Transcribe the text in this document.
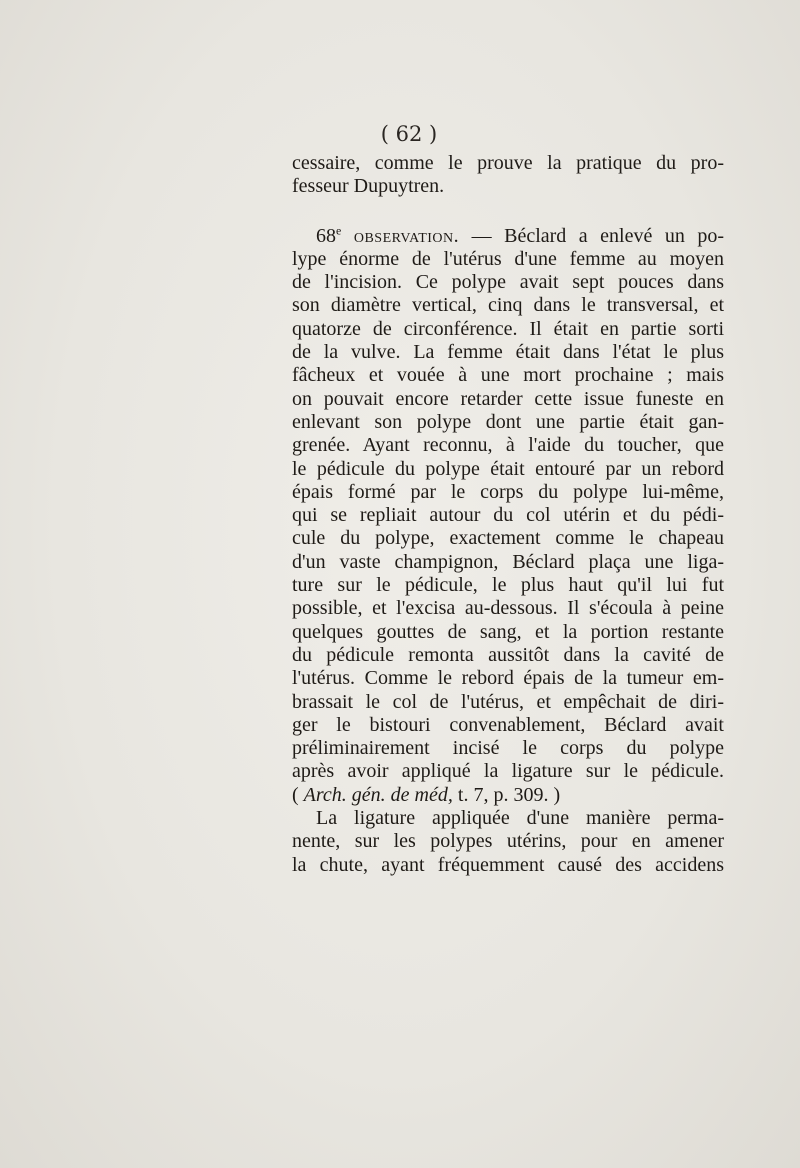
( 62 )

cessaire, comme le prouve la pratique du pro-
fesseur Dupuytren.
68e observation. — Béclard a enlevé un po-
lype énorme de l'utérus d'une femme au moyen
de l'incision. Ce polype avait sept pouces dans
son diamètre vertical, cinq dans le transversal, et
quatorze de circonférence. Il était en partie sorti
de la vulve. La femme était dans l'état le plus
fâcheux et vouée à une mort prochaine ; mais
on pouvait encore retarder cette issue funeste en
enlevant son polype dont une partie était gan-
grenée. Ayant reconnu, à l'aide du toucher, que
le pédicule du polype était entouré par un rebord
épais formé par le corps du polype lui-même,
qui se repliait autour du col utérin et du pédi-
cule du polype, exactement comme le chapeau
d'un vaste champignon, Béclard plaça une liga-
ture sur le pédicule, le plus haut qu'il lui fut
possible, et l'excisa au-dessous. Il s'écoula à peine
quelques gouttes de sang, et la portion restante
du pédicule remonta aussitôt dans la cavité de
l'utérus. Comme le rebord épais de la tumeur em-
brassait le col de l'utérus, et empêchait de diri-
ger le bistouri convenablement, Béclard avait
préliminairement incisé le corps du polype
après avoir appliqué la ligature sur le pédicule.
( Arch. gén. de méd, t. 7, p. 309. )
La ligature appliquée d'une manière perma-
nente, sur les polypes utérins, pour en amener
la chute, ayant fréquemment causé des accidens
